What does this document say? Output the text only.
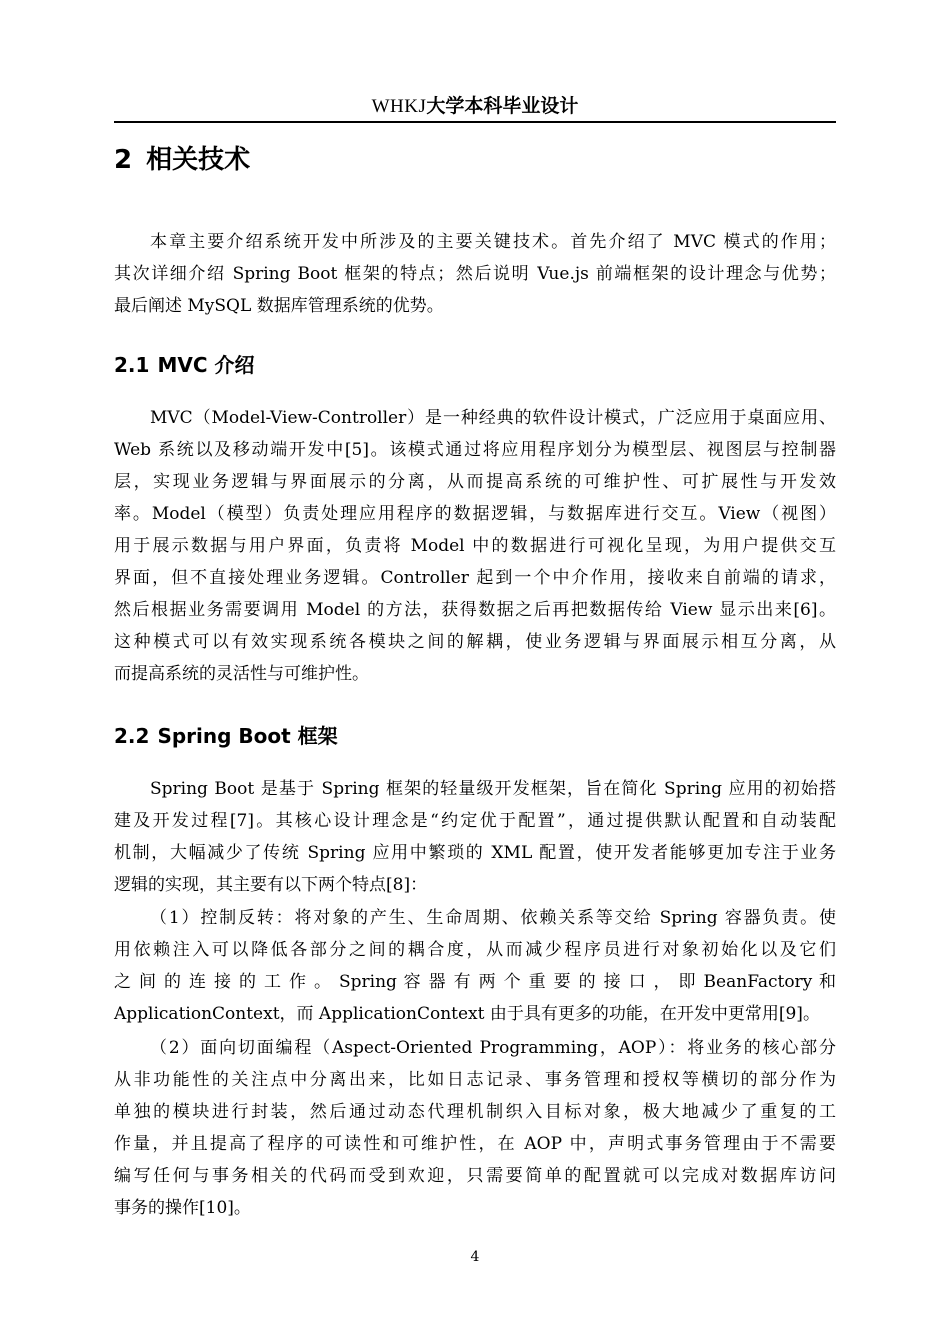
WHKJ大学本科毕业设计
2 相关技术

本章主要介绍系统开发中所涉及的主要关键技术。首先介绍了 MVC 模式的作用；
其次详细介绍 Spring Boot 框架的特点；然后说明 Vue.js 前端框架的设计理念与优势；
最后阐述 MySQL 数据库管理系统的优势。

2.1 MVC 介绍

MVC（Model-View-Controller）是一种经典的软件设计模式，广泛应用于桌面应用、
Web 系统以及移动端开发中[5]。该模式通过将应用程序划分为模型层、视图层与控制器
层，实现业务逻辑与界面展示的分离，从而提高系统的可维护性、可扩展性与开发效
率。Model（模型）负责处理应用程序的数据逻辑，与数据库进行交互。View（视图）
用于展示数据与用户界面，负责将 Model 中的数据进行可视化呈现，为用户提供交互
界面，但不直接处理业务逻辑。Controller 起到一个中介作用，接收来自前端的请求，
然后根据业务需要调用 Model 的方法，获得数据之后再把数据传给 View 显示出来[6]。
这种模式可以有效实现系统各模块之间的解耦，使业务逻辑与界面展示相互分离，从
而提高系统的灵活性与可维护性。

2.2 Spring Boot 框架

Spring Boot 是基于 Spring 框架的轻量级开发框架，旨在简化 Spring 应用的初始搭
建及开发过程[7]。其核心设计理念是“约定优于配置”，通过提供默认配置和自动装配
机制，大幅减少了传统 Spring 应用中繁琐的 XML 配置，使开发者能够更加专注于业务
逻辑的实现，其主要有以下两个特点[8]：

（1）控制反转：将对象的产生、生命周期、依赖关系等交给 Spring 容器负责。使
用依赖注入可以降低各部分之间的耦合度，从而减少程序员进行对象初始化以及它们
之 间 的 连 接 的 工 作 。 Spring 容 器 有 两 个 重 要 的 接 口 ， 即 BeanFactory 和
ApplicationContext，而 ApplicationContext 由于具有更多的功能，在开发中更常用[9]。

（2）面向切面编程（Aspect-Oriented Programming，AOP）：将业务的核心部分
从非功能性的关注点中分离出来，比如日志记录、事务管理和授权等横切的部分作为
单独的模块进行封装，然后通过动态代理机制织入目标对象，极大地减少了重复的工
作量，并且提高了程序的可读性和可维护性，在 AOP 中，声明式事务管理由于不需要
编写任何与事务相关的代码而受到欢迎，只需要简单的配置就可以完成对数据库访问
事务的操作[10]。

4
